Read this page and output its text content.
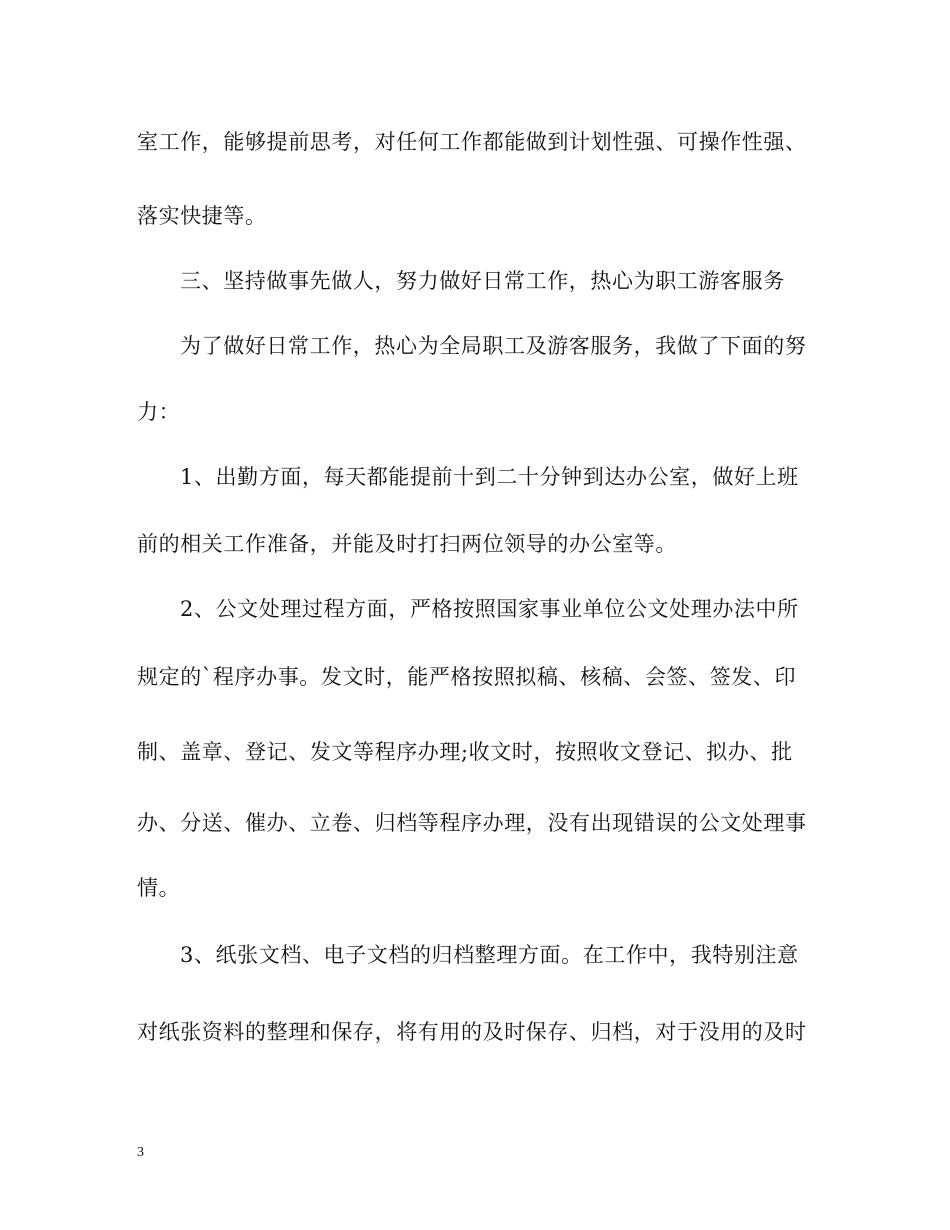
室工作，能够提前思考，对任何工作都能做到计划性强、可操作性强、
落实快捷等。
三、坚持做事先做人，努力做好日常工作，热心为职工游客服务
为了做好日常工作，热心为全局职工及游客服务，我做了下面的努
力：
1、出勤方面，每天都能提前十到二十分钟到达办公室，做好上班
前的相关工作准备，并能及时打扫两位领导的办公室等。
2、公文处理过程方面，严格按照国家事业单位公文处理办法中所
规定的`程序办事。发文时，能严格按照拟稿、核稿、会签、签发、印
制、盖章、登记、发文等程序办理;收文时，按照收文登记、拟办、批
办、分送、催办、立卷、归档等程序办理，没有出现错误的公文处理事
情。
3、纸张文档、电子文档的归档整理方面。在工作中，我特别注意
对纸张资料的整理和保存，将有用的及时保存、归档，对于没用的及时
3
